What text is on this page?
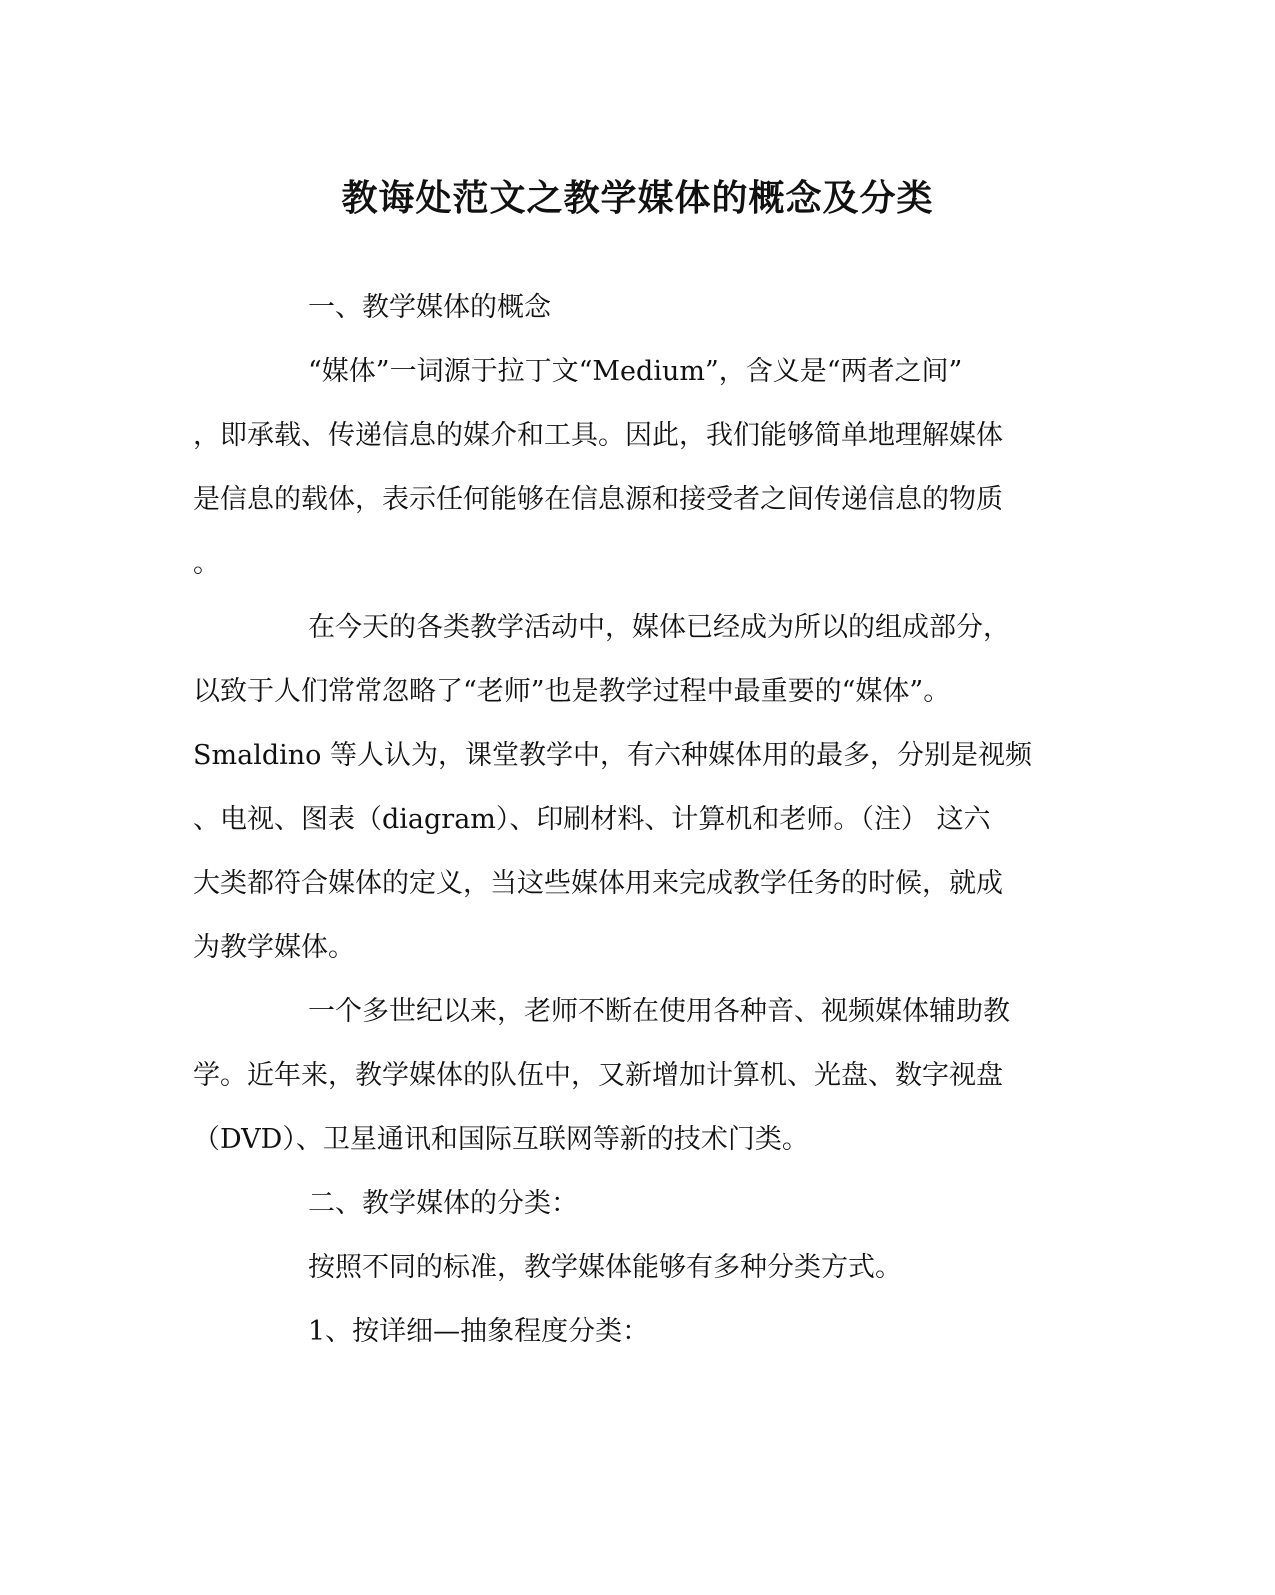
教诲处范文之教学媒体的概念及分类

一、教学媒体的概念

“媒体”一词源于拉丁文“Medium”，含义是“两者之间”

，即承载、传递信息的媒介和工具。因此，我们能够简单地理解媒体

是信息的载体，表示任何能够在信息源和接受者之间传递信息的物质

。

在今天的各类教学活动中，媒体已经成为所以的组成部分，

以致于人们常常忽略了“老师”也是教学过程中最重要的“媒体”。

Smaldino 等人认为，课堂教学中，有六种媒体用的最多，分别是视频

、电视、图表（diagram）、印刷材料、计算机和老师。（注） 这六

大类都符合媒体的定义，当这些媒体用来完成教学任务的时候，就成

为教学媒体。

一个多世纪以来，老师不断在使用各种音、视频媒体辅助教

学。近年来，教学媒体的队伍中，又新增加计算机、光盘、数字视盘

（DVD）、卫星通讯和国际互联网等新的技术门类。

二、教学媒体的分类：

按照不同的标准，教学媒体能够有多种分类方式。

1、按详细—抽象程度分类：
